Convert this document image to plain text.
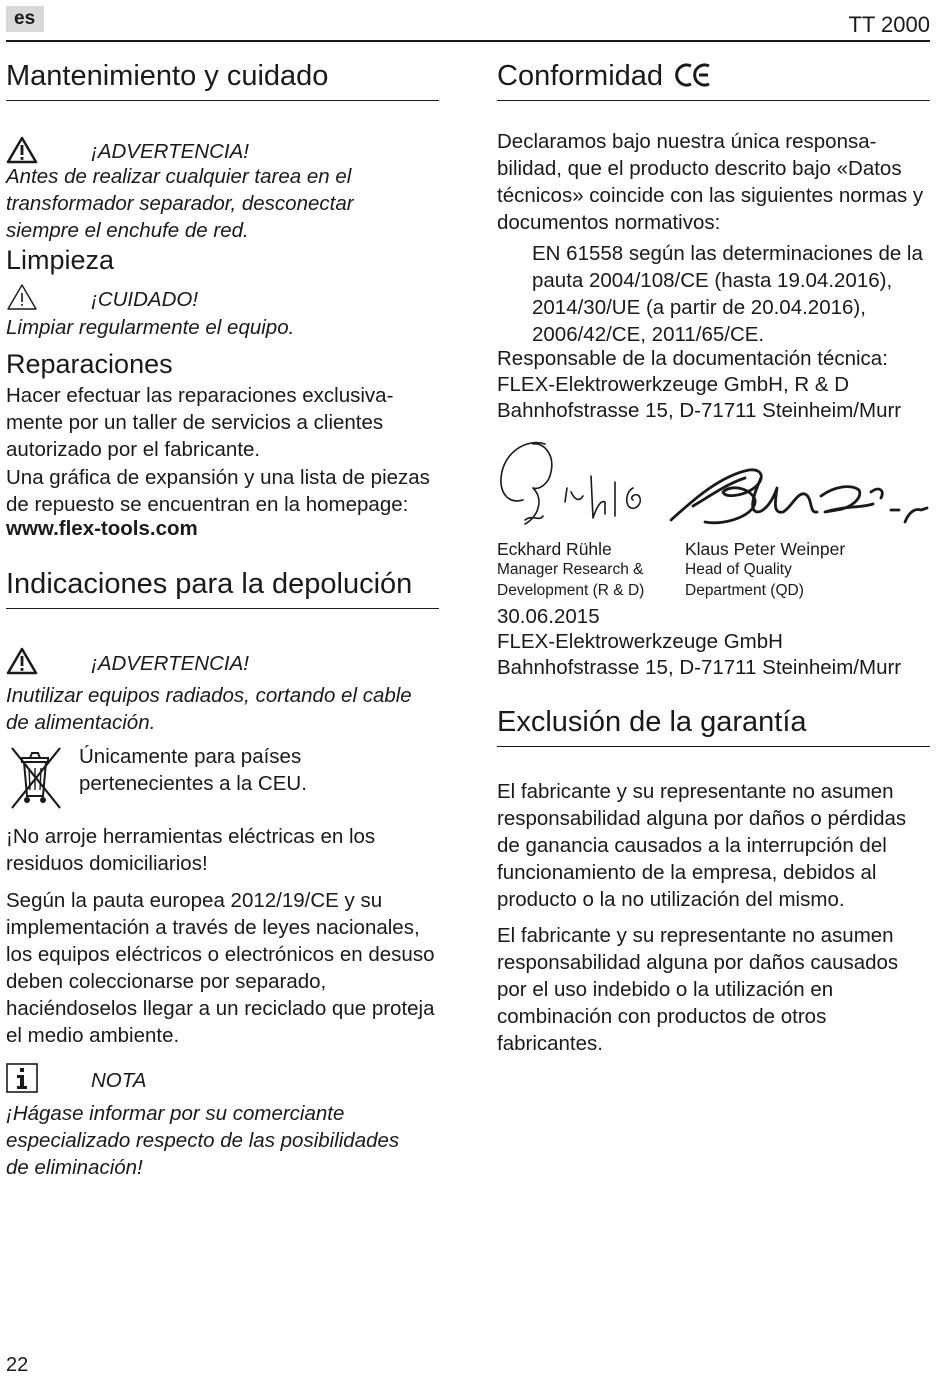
es	TT 2000
Mantenimiento y cuidado
¡ADVERTENCIA!

Antes de realizar cualquier tarea en el transformador separador, desconectar siempre el enchufe de red.

Limpieza
¡CUIDADO!

Limpiar regularmente el equipo.

Reparaciones

Hacer efectuar las reparaciones exclusiva-mente por un taller de servicios a clientes autorizado por el fabricante.

Una gráfica de expansión y una lista de piezas de repuesto se encuentran en la homepage:

www.flex-tools.com

Indicaciones para la depolución
¡ADVERTENCIA!

Inutilizar equipos radiados, cortando el cable de alimentación.

Únicamente para países pertenecientes a la CEU.

¡No arroje herramientas eléctricas en los residuos domiciliarios!

Según la pauta europea 2012/19/CE y su implementación a través de leyes nacionales, los equipos eléctricos o electrónicos en desuso deben coleccionarse por separado, haciéndoselos llegar a un reciclado que proteja el medio ambiente.

NOTA

¡Hágase informar por su comerciante especializado respecto de las posibilidades de eliminación!

Conformidad

Declaramos bajo nuestra única responsa-bilidad, que el producto descrito bajo «Datos técnicos» coincide con las siguientes normas y documentos normativos:

EN 61558 según las determinaciones de la pauta 2004/108/CE (hasta 19.04.2016), 2014/30/UE (a partir de 20.04.2016), 2006/42/CE, 2011/65/CE.

Responsable de la documentación técnica:

FLEX-Elektrowerkzeuge GmbH, R & D

Bahnhofstrasse 15, D-71711 Steinheim/Murr

Eckhard Rühle
Manager Research &
Development (R & D)
Klaus Peter Weinper
Head of Quality
Department (QD)

30.06.2015

FLEX-Elektrowerkzeuge GmbH

Bahnhofstrasse 15, D-71711 Steinheim/Murr

Exclusión de la garantía

El fabricante y su representante no asumen responsabilidad alguna por daños o pérdidas de ganancia causados a la interrupción del funcionamiento de la empresa, debidos al producto o la no utilización del mismo.

El fabricante y su representante no asumen responsabilidad alguna por daños causados por el uso indebido o la utilización en combinación con productos de otros fabricantes.

22
